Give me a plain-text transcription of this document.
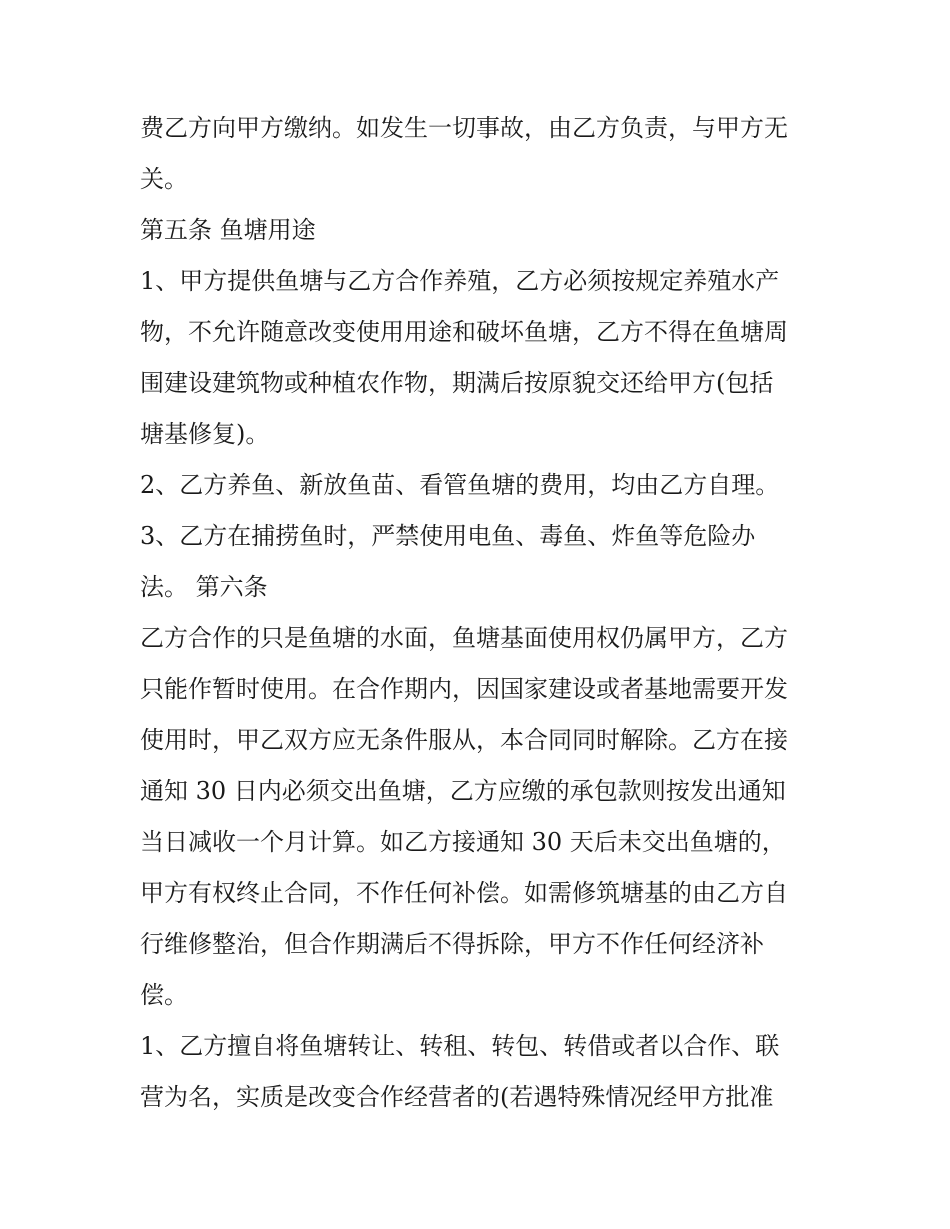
费乙方向甲方缴纳。如发生一切事故，由乙方负责，与甲方无
关。
第五条 鱼塘用途
1、甲方提供鱼塘与乙方合作养殖，乙方必须按规定养殖水产
物，不允许随意改变使用用途和破坏鱼塘，乙方不得在鱼塘周
围建设建筑物或种植农作物，期满后按原貌交还给甲方(包括
塘基修复)。
2、乙方养鱼、新放鱼苗、看管鱼塘的费用，均由乙方自理。
3、乙方在捕捞鱼时，严禁使用电鱼、毒鱼、炸鱼等危险办
法。 第六条
乙方合作的只是鱼塘的水面，鱼塘基面使用权仍属甲方，乙方
只能作暂时使用。在合作期内，因国家建设或者基地需要开发
使用时，甲乙双方应无条件服从，本合同同时解除。乙方在接
通知 30 日内必须交出鱼塘，乙方应缴的承包款则按发出通知
当日减收一个月计算。如乙方接通知 30 天后未交出鱼塘的，
甲方有权终止合同，不作任何补偿。如需修筑塘基的由乙方自
行维修整治，但合作期满后不得拆除，甲方不作任何经济补
偿。
1、乙方擅自将鱼塘转让、转租、转包、转借或者以合作、联
营为名，实质是改变合作经营者的(若遇特殊情况经甲方批准
